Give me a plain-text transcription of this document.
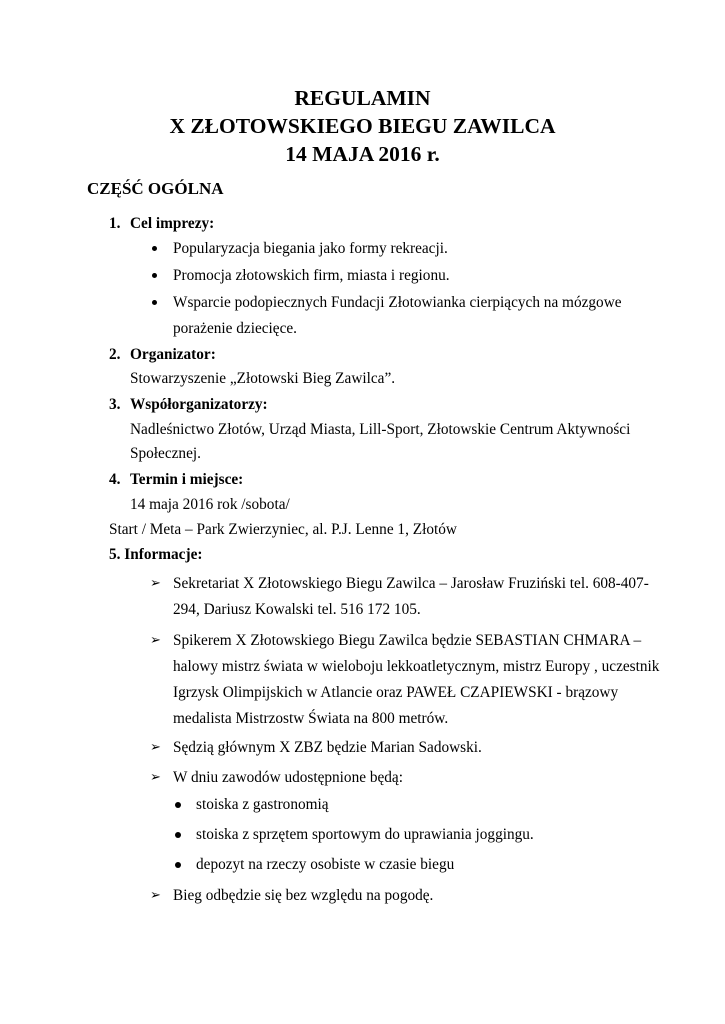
REGULAMIN
X ZŁOTOWSKIEGO BIEGU ZAWILCA
14 MAJA 2016 r.
CZĘŚĆ OGÓLNA
1. Cel imprezy:
Popularyzacja biegania jako formy rekreacji.
Promocja złotowskich firm, miasta i regionu.
Wsparcie podopiecznych Fundacji Złotowianka cierpiących na mózgowe
porażenie dziecięce.
2. Organizator:
Stowarzyszenie „Złotowski Bieg Zawilca”.
3. Współorganizatorzy:
Nadleśnictwo Złotów, Urząd Miasta, Lill-Sport, Złotowskie Centrum Aktywności
Społecznej.
4. Termin i miejsce:
14 maja 2016 rok /sobota/
Start / Meta – Park Zwierzyniec, al. P.J. Lenne 1, Złotów
5. Informacje:
➢ Sekretariat X Złotowskiego Biegu Zawilca – Jarosław Fruziński tel. 608-407-
294, Dariusz Kowalski tel. 516 172 105.
➢ Spikerem X Złotowskiego Biegu Zawilca będzie SEBASTIAN CHMARA –
halowy mistrz świata w wieloboju lekkoatletycznym, mistrz Europy , uczestnik
Igrzysk Olimpijskich w Atlancie oraz PAWEŁ CZAPIEWSKI - brązowy
medalista Mistrzostw Świata na 800 metrów.
➢ Sędzią głównym X ZBZ będzie Marian Sadowski.
➢ W dniu zawodów udostępnione będą:
stoiska z gastronomią
stoiska z sprzętem sportowym do uprawiania joggingu.
depozyt na rzeczy osobiste w czasie biegu
➢ Bieg odbędzie się bez względu na pogodę.
